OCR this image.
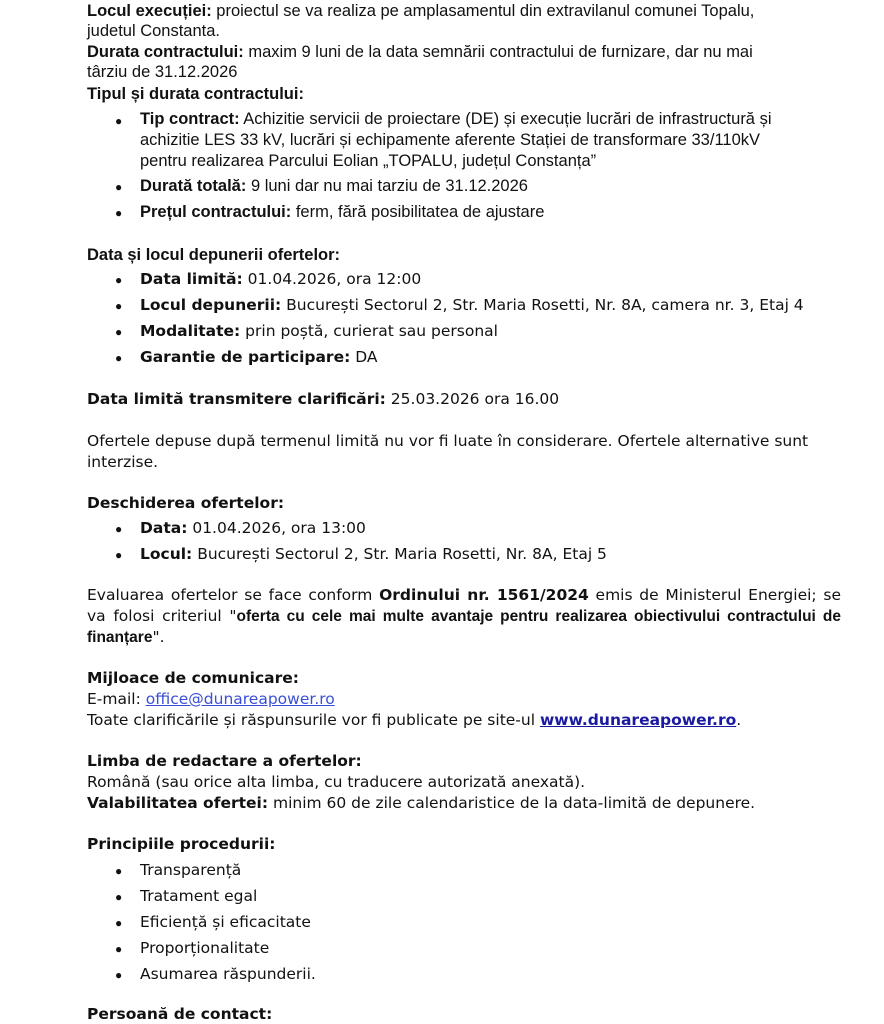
Locul execuției: proiectul se va realiza pe amplasamentul din extravilanul comunei Topalu,
judetul Constanta.
Durata contractului: maxim 9 luni de la data semnării contractului de furnizare, dar nu mai
târziu de 31.12.2026
Tipul și durata contractului:
● Tip contract: Achizitie servicii de proiectare (DE) și execuție lucrări de infrastructură și
achizitie LES 33 kV, lucrări și echipamente aferente Stației de transformare 33/110kV
pentru realizarea Parcului Eolian „TOPALU, județul Constanța”
● Durată totală: 9 luni dar nu mai tarziu de 31.12.2026
● Prețul contractului: ferm, fără posibilitatea de ajustare
Data și locul depunerii ofertelor:
● Data limită: 01.04.2026, ora 12:00
● Locul depunerii: București Sectorul 2, Str. Maria Rosetti, Nr. 8A, camera nr. 3, Etaj 4
● Modalitate: prin poștă, curierat sau personal
● Garantie de participare: DA
Data limită transmitere clarificări: 25.03.2026 ora 16.00
Ofertele depuse după termenul limită nu vor fi luate în considerare. Ofertele alternative sunt
interzise.
Deschiderea ofertelor:
● Data: 01.04.2026, ora 13:00
● Locul: București Sectorul 2, Str. Maria Rosetti, Nr. 8A, Etaj 5
Evaluarea ofertelor se face conform Ordinului nr. 1561/2024 emis de Ministerul Energiei; se va folosi criteriul "oferta cu cele mai multe avantaje pentru realizarea obiectivului contractului de finanțare".
Mijloace de comunicare:
E-mail: office@dunareapower.ro
Toate clarificările și răspunsurile vor fi publicate pe site-ul www.dunareapower.ro.
Limba de redactare a ofertelor:
Română (sau orice alta limba, cu traducere autorizată anexată).
Valabilitatea ofertei: minim 60 de zile calendaristice de la data-limită de depunere.
Principiile procedurii:
● Transparență
● Tratament egal
● Eficiență și eficacitate
● Proporționalitate
● Asumarea răspunderii.
Persoană de contact:
